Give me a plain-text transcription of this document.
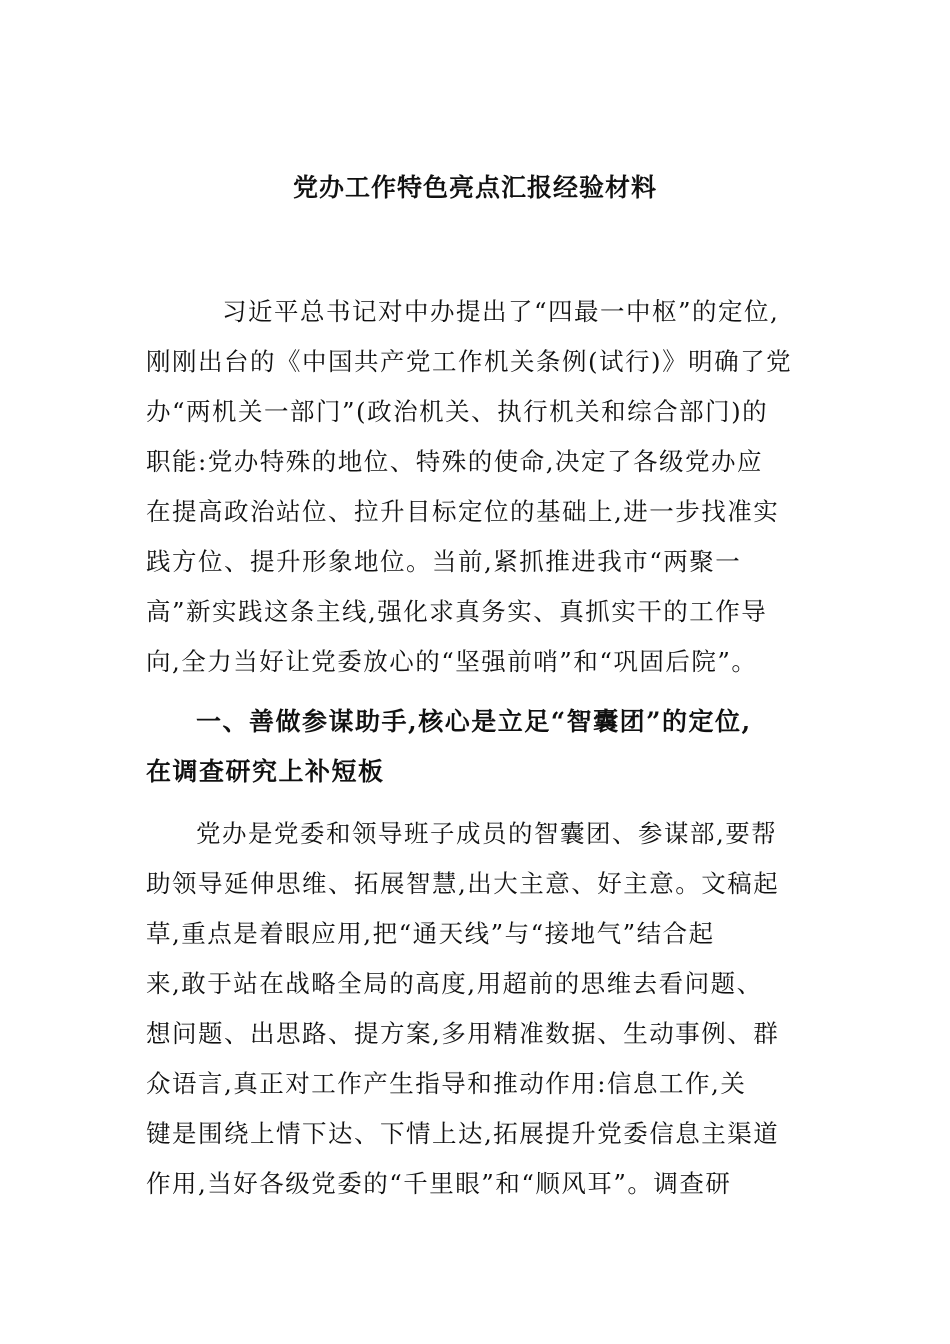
党办工作特色亮点汇报经验材料
习近平总书记对中办提出了“四最一中枢”的定位,
刚刚出台的《中国共产党工作机关条例(试行)》明确了党
办“两机关一部门”(政治机关、执行机关和综合部门)的
职能:党办特殊的地位、特殊的使命,决定了各级党办应
在提高政治站位、拉升目标定位的基础上,进一步找准实
践方位、提升形象地位。当前,紧抓推进我市“两聚一
高”新实践这条主线,强化求真务实、真抓实干的工作导
向,全力当好让党委放心的“坚强前哨”和“巩固后院”。
一、善做参谋助手,核心是立足“智囊团”的定位,
在调查研究上补短板
党办是党委和领导班子成员的智囊团、参谋部,要帮
助领导延伸思维、拓展智慧,出大主意、好主意。文稿起
草,重点是着眼应用,把“通天线”与“接地气”结合起
来,敢于站在战略全局的高度,用超前的思维去看问题、
想问题、出思路、提方案,多用精准数据、生动事例、群
众语言,真正对工作产生指导和推动作用:信息工作,关
键是围绕上情下达、下情上达,拓展提升党委信息主渠道
作用,当好各级党委的“千里眼”和“顺风耳”。调查研
